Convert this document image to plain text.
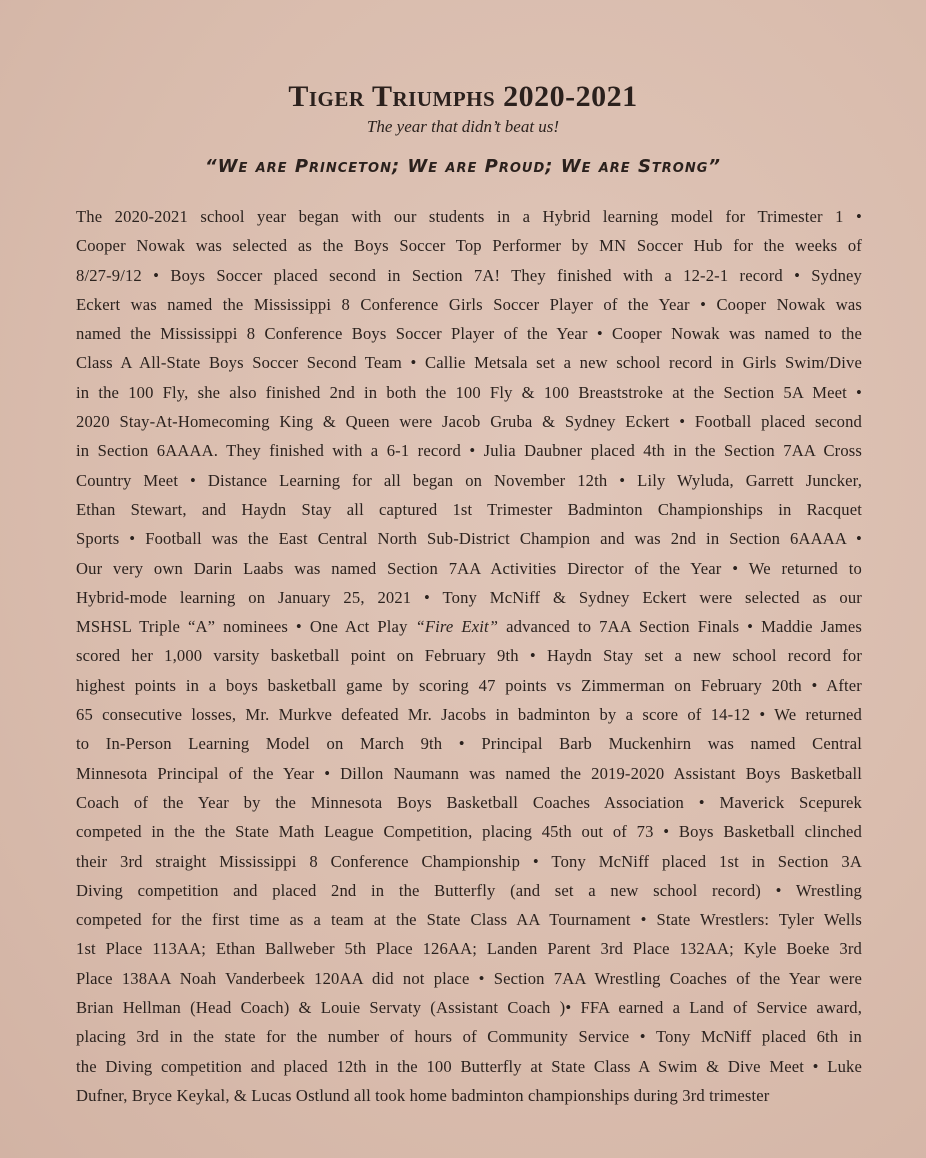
Tiger Triumphs 2020-2021
The year that didn’t beat us!
“We are Princeton; We are Proud; We are Strong”
The 2020-2021 school year began with our students in a Hybrid learning model for Trimester 1 •
Cooper Nowak was selected as the Boys Soccer Top Performer by MN Soccer Hub for the weeks of
8/27-9/12 • Boys Soccer placed second in Section 7A! They finished with a 12-2-1 record • Sydney
Eckert was named the Mississippi 8 Conference Girls Soccer Player of the Year • Cooper Nowak was
named the Mississippi 8 Conference Boys Soccer Player of the Year • Cooper Nowak was named to the
Class A All-State Boys Soccer Second Team • Callie Metsala set a new school record in Girls Swim/Dive
in the 100 Fly, she also finished 2nd in both the 100 Fly & 100 Breaststroke at the Section 5A Meet •
2020 Stay-At-Homecoming King & Queen were Jacob Gruba & Sydney Eckert • Football placed second
in Section 6AAAA. They finished with a 6-1 record • Julia Daubner placed 4th in the Section 7AA Cross
Country Meet • Distance Learning for all began on November 12th • Lily Wyluda, Garrett Juncker,
Ethan Stewart, and Haydn Stay all captured 1st Trimester Badminton Championships in Racquet
Sports • Football was the East Central North Sub-District Champion and was 2nd in Section 6AAAA •
Our very own Darin Laabs was named Section 7AA Activities Director of the Year • We returned to
Hybrid-mode learning on January 25, 2021 • Tony McNiff & Sydney Eckert were selected as our
MSHSL Triple “A” nominees • One Act Play “Fire Exit” advanced to 7AA Section Finals • Maddie James
scored her 1,000 varsity basketball point on February 9th • Haydn Stay set a new school record for
highest points in a boys basketball game by scoring 47 points vs Zimmerman on February 20th • After
65 consecutive losses, Mr. Murkve defeated Mr. Jacobs in badminton by a score of 14-12 • We returned
to In-Person Learning Model on March 9th • Principal Barb Muckenhirn was named Central
Minnesota Principal of the Year • Dillon Naumann was named the 2019-2020 Assistant Boys Basketball
Coach of the Year by the Minnesota Boys Basketball Coaches Association • Maverick Scepurek
competed in the the State Math League Competition, placing 45th out of 73 • Boys Basketball clinched
their 3rd straight Mississippi 8 Conference Championship • Tony McNiff placed 1st in Section 3A
Diving competition and placed 2nd in the Butterfly (and set a new school record) • Wrestling
competed for the first time as a team at the State Class AA Tournament • State Wrestlers: Tyler Wells
1st Place 113AA; Ethan Ballweber 5th Place 126AA; Landen Parent 3rd Place 132AA; Kyle Boeke 3rd
Place 138AA Noah Vanderbeek 120AA did not place • Section 7AA Wrestling Coaches of the Year were
Brian Hellman (Head Coach) & Louie Servaty (Assistant Coach )• FFA earned a Land of Service award,
placing 3rd in the state for the number of hours of Community Service • Tony McNiff placed 6th in
the Diving competition and placed 12th in the 100 Butterfly at State Class A Swim & Dive Meet • Luke
Dufner, Bryce Keykal, & Lucas Ostlund all took home badminton championships during 3rd trimester
